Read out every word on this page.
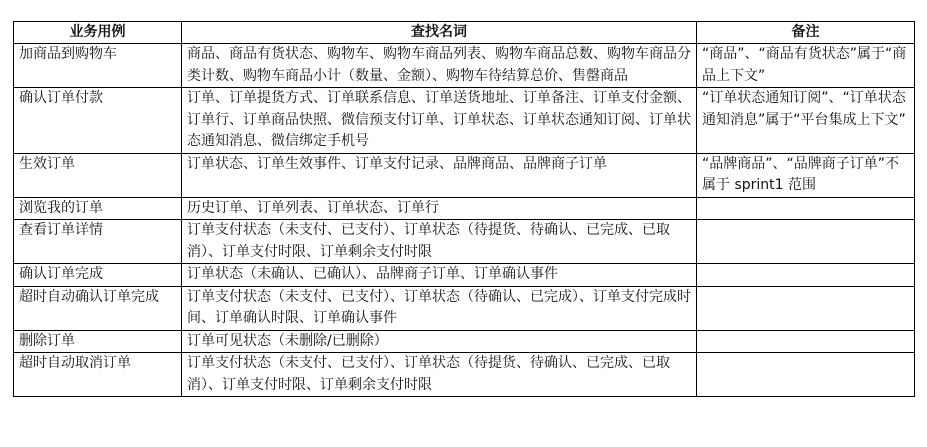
业务用例	查找名词	备注
加商品到购物车	商品、商品有货状态、购物车、购物车商品列表、购物车商品总数、购物车商品分类计数、购物车商品小计（数量、金额）、购物车待结算总价、售罄商品	“商品”、“商品有货状态”属于“商品上下文”
确认订单付款	订单、订单提货方式、订单联系信息、订单送货地址、订单备注、订单支付金额、订单行、订单商品快照、微信预支付订单、订单状态、订单状态通知订阅、订单状态通知消息、微信绑定手机号	“订单状态通知订阅”、“订单状态通知消息”属于“平台集成上下文”
生效订单	订单状态、订单生效事件、订单支付记录、品牌商品、品牌商子订单	“品牌商品”、“品牌商子订单”不属于 sprint1 范围
浏览我的订单	历史订单、订单列表、订单状态、订单行	
查看订单详情	订单支付状态（未支付、已支付）、订单状态（待提货、待确认、已完成、已取消）、订单支付时限、订单剩余支付时限	
确认订单完成	订单状态（未确认、已确认）、品牌商子订单、订单确认事件	
超时自动确认订单完成	订单支付状态（未支付、已支付）、订单状态（待确认、已完成）、订单支付完成时间、订单确认时限、订单确认事件	
删除订单	订单可见状态（未删除/已删除）	
超时自动取消订单	订单支付状态（未支付、已支付）、订单状态（待提货、待确认、已完成、已取消）、订单支付时限、订单剩余支付时限	
